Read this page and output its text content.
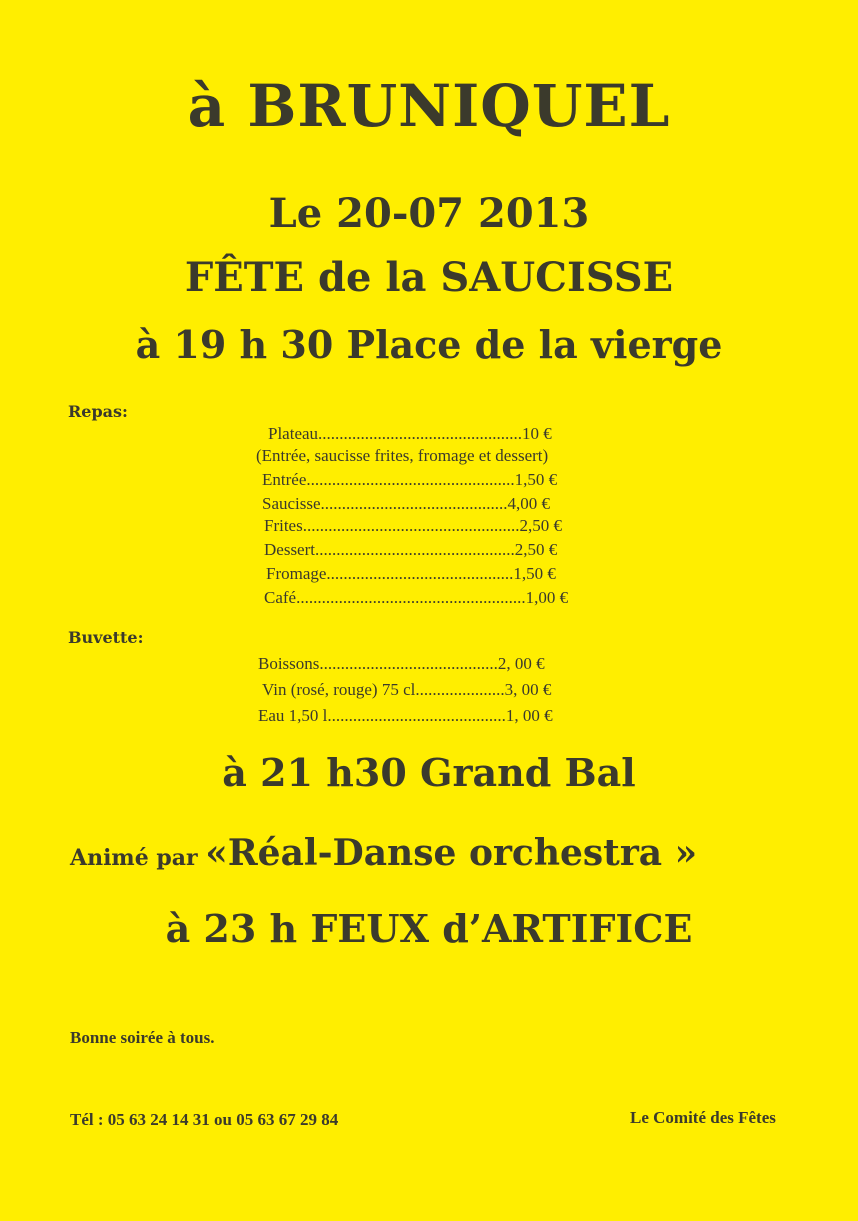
à BRUNIQUEL
Le 20-07 2013
FÊTE de la SAUCISSE
à 19 h 30 Place de la vierge
Repas:
Plateau................................................10 €
(Entrée, saucisse frites, fromage et dessert)
Entrée.................................................1,50 €
Saucisse............................................4,00 €
Frites...................................................2,50 €
Dessert...............................................2,50 €
Fromage............................................1,50 €
Café......................................................1,00 €
Buvette:
Boissons..........................................2, 00 €
Vin (rosé, rouge) 75 cl.....................3, 00 €
Eau 1,50 l..........................................1, 00 €
à 21 h30 Grand Bal
Animé par «Réal-Danse orchestra »
à 23 h FEUX d’ARTIFICE
Bonne soirée à tous.
Tél : 05 63 24 14 31 ou 05 63 67 29 84	Le Comité des Fêtes
